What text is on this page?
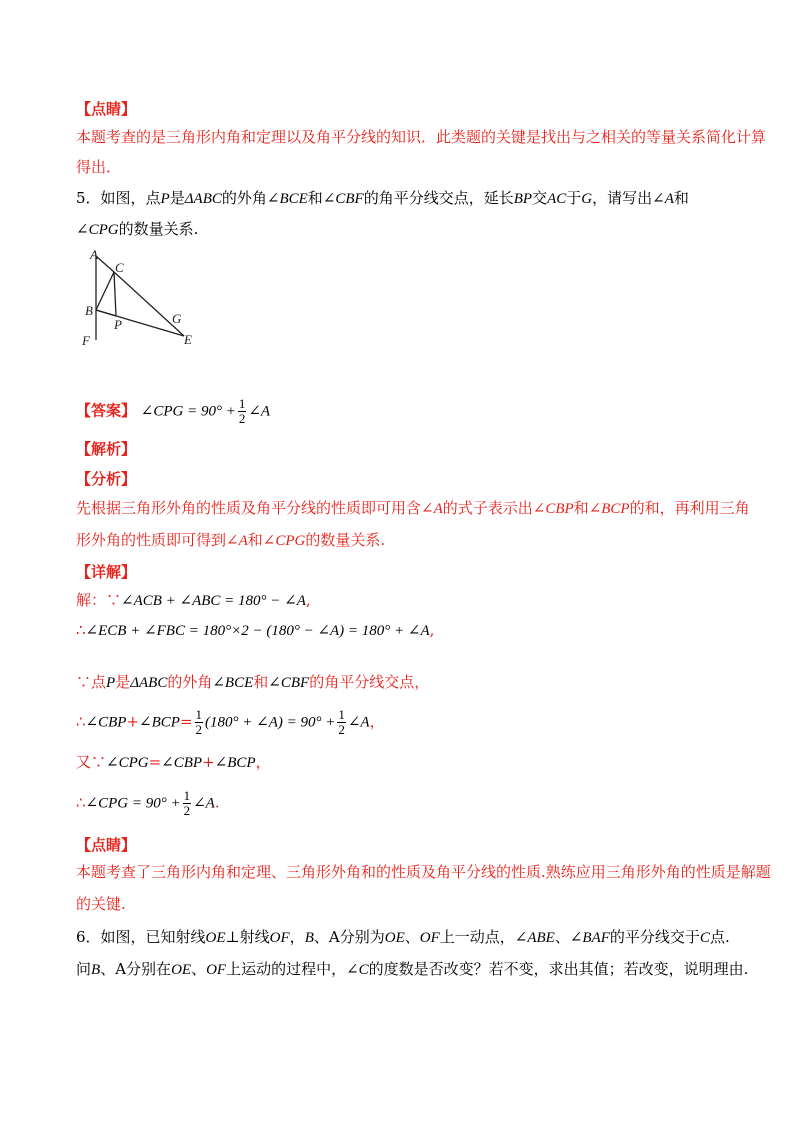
【点睛】
本题考查的是三角形内角和定理以及角平分线的知识．此类题的关键是找出与之相关的等量关系简化计算
得出．
5．如图，点P是ΔABC的外角∠BCE和∠CBF的角平分线交点，延长BP交AC于G，请写出∠A和
∠CPG的数量关系.
A
C
B
P	G
F	E
【答案】 ∠CPG = $90^\circ + \frac{1}{2}$ ∠A
【解析】
【分析】
先根据三角形外角的性质及角平分线的性质即可用含∠A的式子表示出∠CBP和∠BCP的和，再利用三角
形外角的性质即可得到∠A和∠CPG的数量关系.
【详解】
解：∵∠ACB + ∠ABC = 180° − ∠A,
∴∠ECB + ∠FBC = 180°×2 − (180° − ∠A) = 180° + ∠A,
∵点P是ΔABC的外角∠BCE和∠CBF的角平分线交点，
∴∠CBP+∠BCP= $\frac{1}{2} (180^\circ$ + ∠A) = $90^\circ + \frac{1}{2}$ ∠A，
又∵∠CPG=∠CBP+∠BCP，
∴∠CPG = $90^\circ + \frac{1}{2}$ ∠A.
【点睛】
本题考查了三角形内角和定理、三角形外角和的性质及角平分线的性质.熟练应用三角形外角的性质是解题
的关键.
6．如图，已知射线OE⊥射线OF，B、A分别为OE、OF上一动点，∠ABE、∠BAF的平分线交于C点.
问B、A分别在OE、OF上运动的过程中，∠C的度数是否改变？若不变，求出其值；若改变，说明理由.
